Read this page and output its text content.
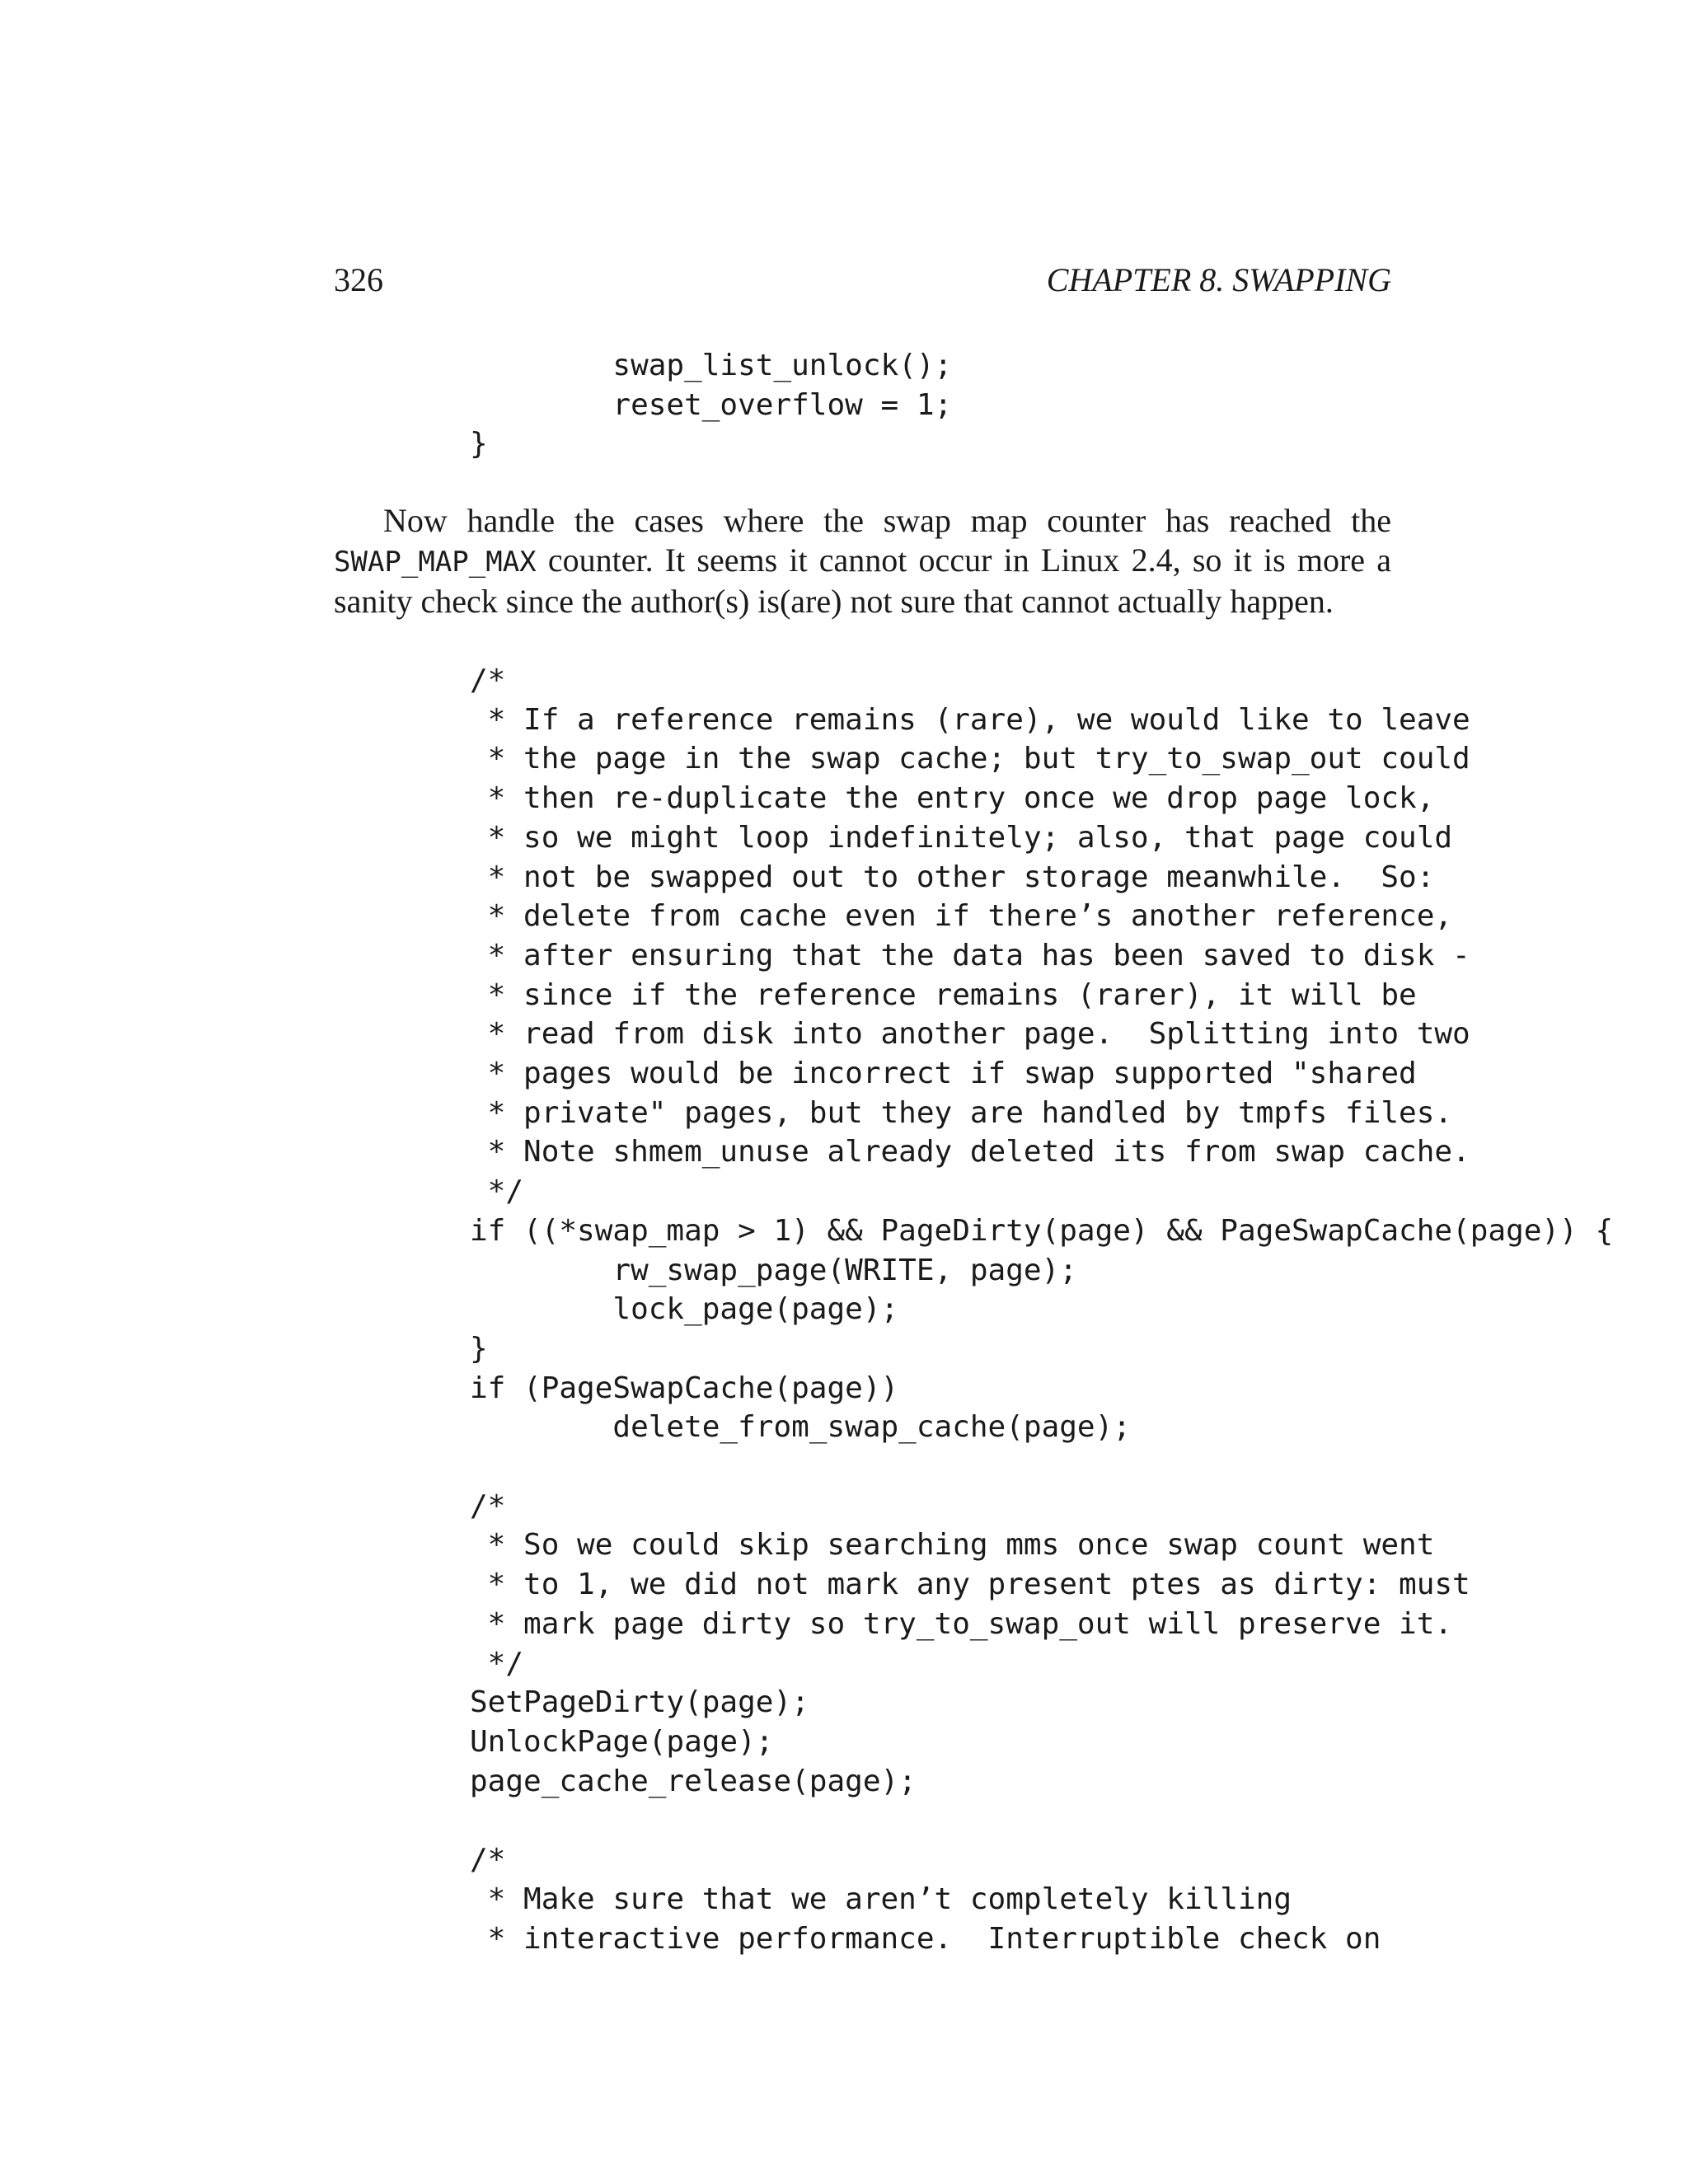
326	CHAPTER 8. SWAPPING
swap_list_unlock();
reset_overflow = 1;
}

Now handle the cases where the swap map counter has reached the SWAP_MAP_MAX counter. It seems it cannot occur in Linux 2.4, so it is more a sanity check since the author(s) is(are) not sure that cannot actually happen.

/*
* If a reference remains (rare), we would like to leave
* the page in the swap cache; but try_to_swap_out could
* then re-duplicate the entry once we drop page lock,
* so we might loop indefinitely; also, that page could
* not be swapped out to other storage meanwhile.  So:
* delete from cache even if there’s another reference,
* after ensuring that the data has been saved to disk -
* since if the reference remains (rarer), it will be
* read from disk into another page.  Splitting into two
* pages would be incorrect if swap supported "shared
* private" pages, but they are handled by tmpfs files.
* Note shmem_unuse already deleted its from swap cache.
*/
if ((*swap_map > 1) && PageDirty(page) && PageSwapCache(page)) {
rw_swap_page(WRITE, page);
lock_page(page);
}
if (PageSwapCache(page))
delete_from_swap_cache(page);

/*
* So we could skip searching mms once swap count went
* to 1, we did not mark any present ptes as dirty: must
* mark page dirty so try_to_swap_out will preserve it.
*/
SetPageDirty(page);
UnlockPage(page);
page_cache_release(page);

/*
* Make sure that we aren’t completely killing
* interactive performance.  Interruptible check on
